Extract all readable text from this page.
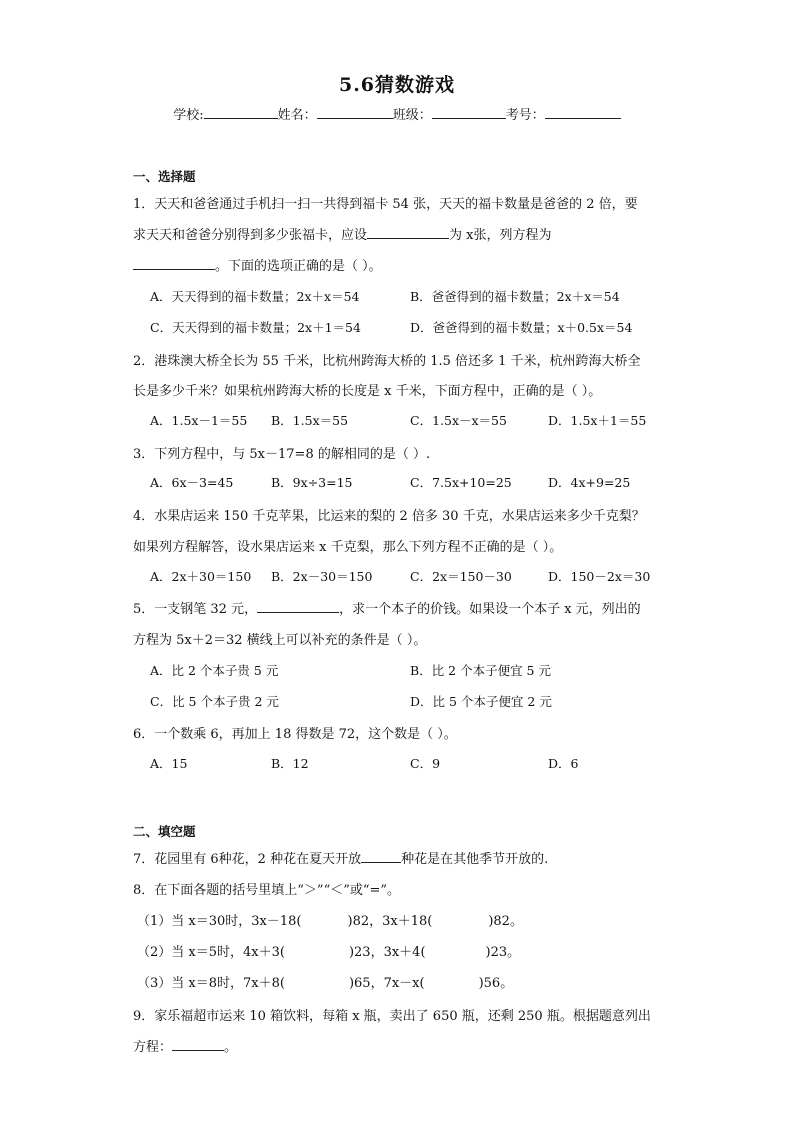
5.6猜数游戏
学校:	姓名：	班级：	考号：
一、选择题
1．天天和爸爸通过手机扫一扫一共得到福卡 54 张，天天的福卡数量是爸爸的 2 倍，要
求天天和爸爸分别得到多少张福卡，应设	为 x张，列方程为
。下面的选项正确的是（ ）。
A．天天得到的福卡数量；2x＋x＝54	B．爸爸得到的福卡数量；2x＋x＝54
C．天天得到的福卡数量；2x＋1＝54	D．爸爸得到的福卡数量；x＋0.5x＝54
2．港珠澳大桥全长为 55 千米，比杭州跨海大桥的 1.5 倍还多 1 千米，杭州跨海大桥全
长是多少千米？如果杭州跨海大桥的长度是 x 千米，下面方程中，正确的是（ ）。
A．1.5x－1＝55 B．1.5x＝55	C．1.5x－x＝55	D．1.5x＋1＝55
3．下列方程中，与 5x－17=8 的解相同的是（ ）.
A．6x－3=45	B．9x÷3=15	C．7.5x+10=25	D．4x+9=25
4．水果店运来 150 千克苹果，比运来的梨的 2 倍多 30 千克，水果店运来多少千克梨？
如果列方程解答，设水果店运来 x 千克梨，那么下列方程不正确的是（ ）。
A．2x＋30＝150 B．2x－30＝150	C．2x＝150－30	D．150－2x＝30
5．一支钢笔 32 元，	，求一个本子的价钱。如果设一个本子 x 元，列出的
方程为 5x＋2＝32 横线上可以补充的条件是（ ）。
A．比 2 个本子贵 5 元	B．比 2 个本子便宜 5 元
C．比 5 个本子贵 2 元	D．比 5 个本子便宜 2 元
6．一个数乘 6，再加上 18 得数是 72，这个数是（ ）。
A．15	B．12	C．9	D．6
二、填空题
7．花园里有 6种花，2 种花在夏天开放	种花是在其他季节开放的.
8．在下面各题的括号里填上“＞”“＜”或“=”。
（1）当 x＝30时，3x－18(	)82，3x＋18(	)82。
（2）当 x＝5时，4x＋3(	)23，3x＋4(	)23。
（3）当 x＝8时，7x＋8(	)65，7x－x(	)56。
9．家乐福超市运来 10 箱饮料，每箱 x 瓶，卖出了 650 瓶，还剩 250 瓶。根据题意列出
方程：	。
